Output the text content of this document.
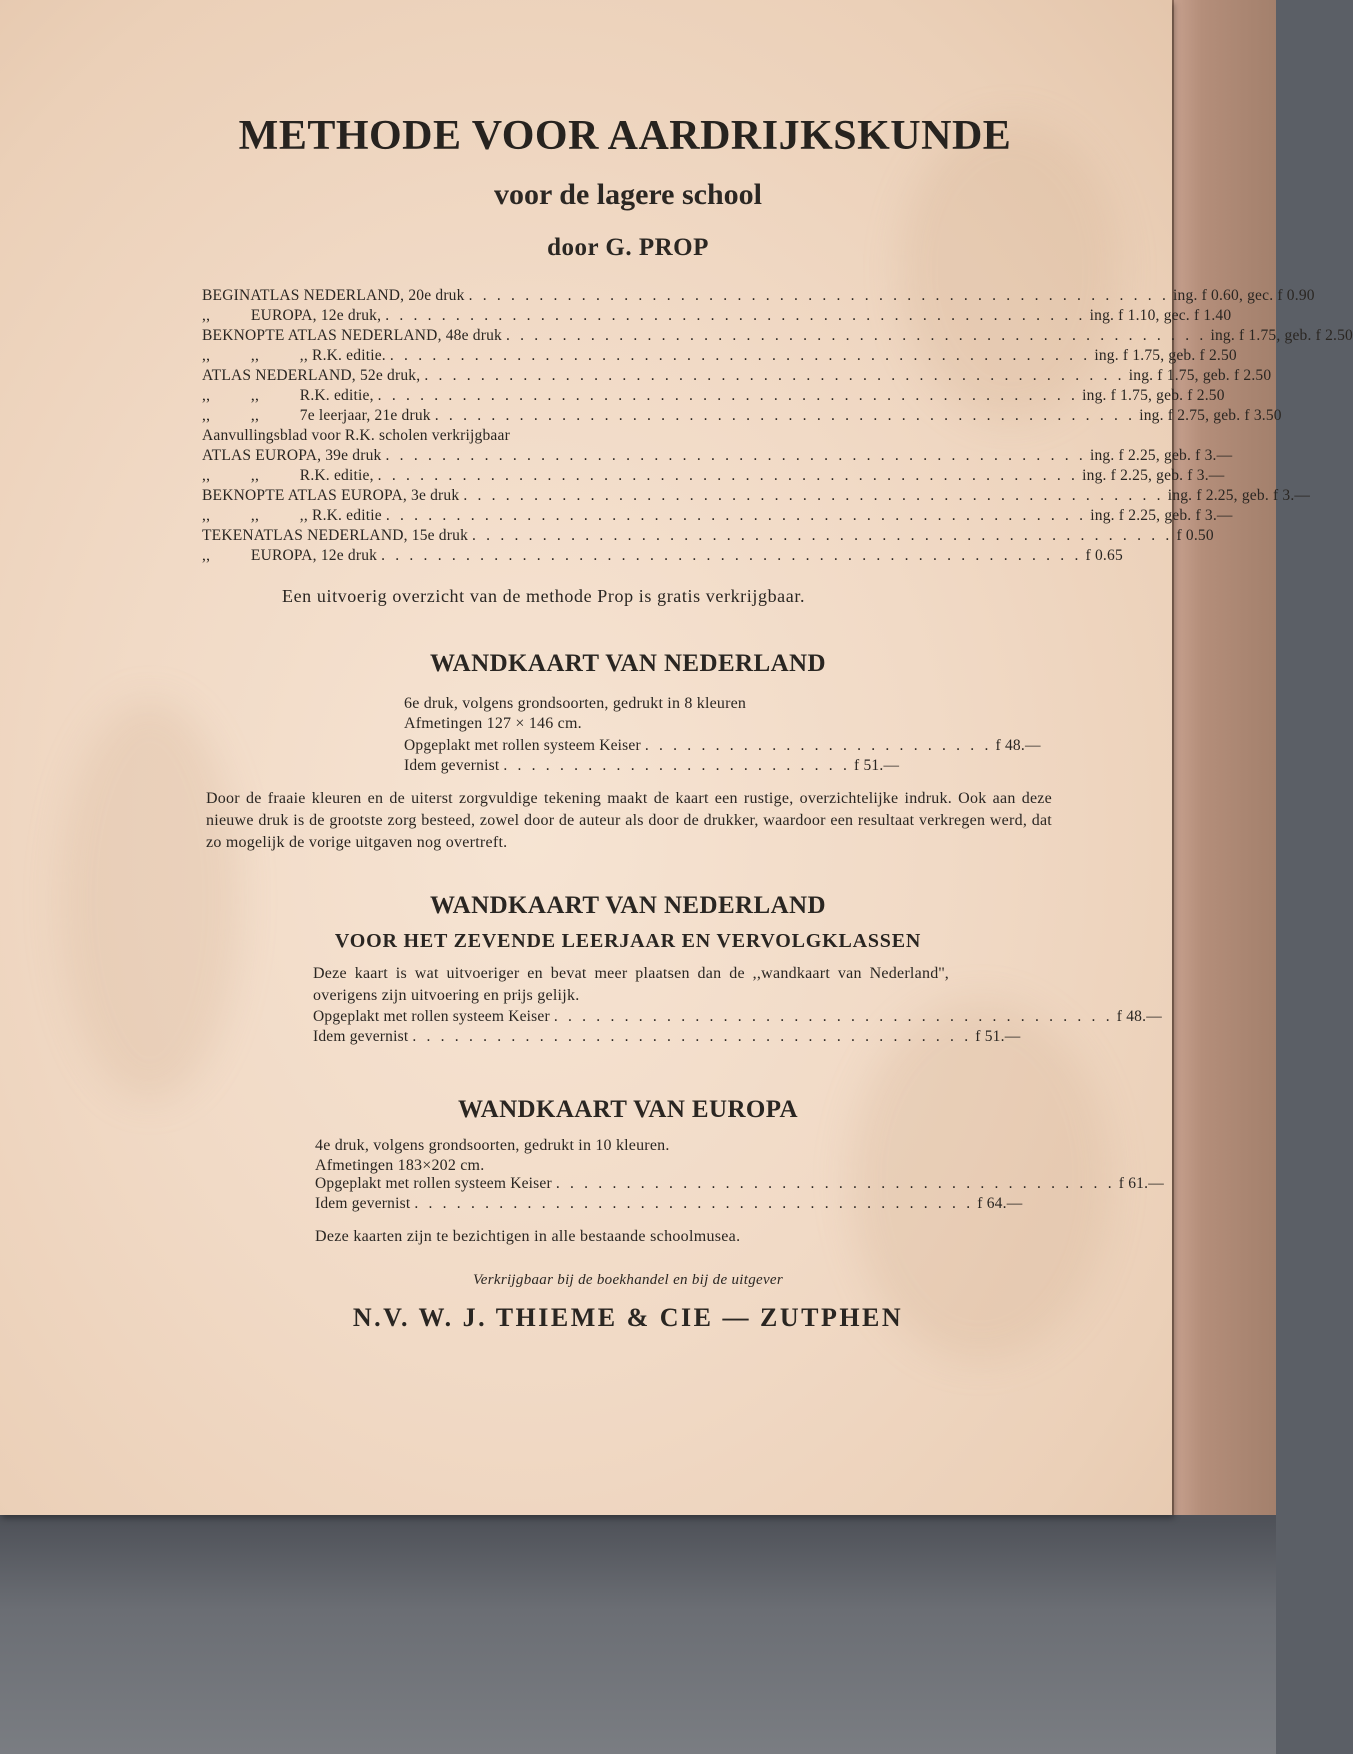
METHODE VOOR AARDRIJKSKUNDE
voor de lagere school
door G. PROP
BEGINATLAS NEDERLAND, 20e druk . . . . . . . . . . . . . . . . . . . . . . . . . . . . . . . . . . . . . . . . . . . . . . . . . . ing. f 0.60, gec. f 0.90
,,          EUROPA, 12e druk, . . . . . . . . . . . . . . . . . . . . . . . . . . . . . . . . . . . . . . . . . . . . . . . . . . ing. f 1.10, gec. f 1.40
BEKNOPTE ATLAS NEDERLAND, 48e druk . . . . . . . . . . . . . . . . . . . . . . . . . . . . . . . . . . . . . . . . . . . . . . . . . . ing. f 1.75, geb. f 2.50
,,          ,,          ,, R.K. editie. . . . . . . . . . . . . . . . . . . . . . . . . . . . . . . . . . . . . . . . . . . . . . . . . . . ing. f 1.75, geb. f 2.50
ATLAS NEDERLAND, 52e druk, . . . . . . . . . . . . . . . . . . . . . . . . . . . . . . . . . . . . . . . . . . . . . . . . . . ing. f 1.75, geb. f 2.50
,,          ,,          R.K. editie, . . . . . . . . . . . . . . . . . . . . . . . . . . . . . . . . . . . . . . . . . . . . . . . . . . ing. f 1.75, geb. f 2.50
,,          ,,          7e leerjaar, 21e druk . . . . . . . . . . . . . . . . . . . . . . . . . . . . . . . . . . . . . . . . . . . . . . . . . . ing. f 2.75, geb. f 3.50
Aanvullingsblad voor R.K. scholen verkrijgbaar
ATLAS EUROPA, 39e druk . . . . . . . . . . . . . . . . . . . . . . . . . . . . . . . . . . . . . . . . . . . . . . . . . . ing. f 2.25, geb. f 3.—
,,          ,,          R.K. editie, . . . . . . . . . . . . . . . . . . . . . . . . . . . . . . . . . . . . . . . . . . . . . . . . . . ing. f 2.25, geb. f 3.—
BEKNOPTE ATLAS EUROPA, 3e druk . . . . . . . . . . . . . . . . . . . . . . . . . . . . . . . . . . . . . . . . . . . . . . . . . . ing. f 2.25, geb. f 3.—
,,          ,,          ,, R.K. editie . . . . . . . . . . . . . . . . . . . . . . . . . . . . . . . . . . . . . . . . . . . . . . . . . . ing. f 2.25, geb. f 3.—
TEKENATLAS NEDERLAND, 15e druk . . . . . . . . . . . . . . . . . . . . . . . . . . . . . . . . . . . . . . . . . . . . . . . . . . f 0.50
,,          EUROPA, 12e druk . . . . . . . . . . . . . . . . . . . . . . . . . . . . . . . . . . . . . . . . . . . . . . . . . . f 0.65
Een uitvoerig overzicht van de methode Prop is gratis verkrijgbaar.
WANDKAART VAN NEDERLAND
6e druk, volgens grondsoorten, gedrukt in 8 kleuren
Afmetingen 127 × 146 cm.
Opgeplakt met rollen systeem Keiser . . . . . . . . . . . . . . . . . . . . . . . . . f 48.—
Idem gevernist . . . . . . . . . . . . . . . . . . . . . . . . . f 51.—
Door de fraaie kleuren en de uiterst zorgvuldige tekening maakt de kaart een rustige, overzichtelijke indruk. Ook aan deze nieuwe druk is de grootste zorg besteed, zowel door de auteur als door de drukker, waardoor een resultaat verkregen werd, dat zo mogelijk de vorige uitgaven nog overtreft.
WANDKAART VAN NEDERLAND
VOOR HET ZEVENDE LEERJAAR EN VERVOLGKLASSEN
Deze kaart is wat uitvoeriger en bevat meer plaatsen dan de ,,wandkaart van Nederland'', overigens zijn uitvoering en prijs gelijk.
Opgeplakt met rollen systeem Keiser . . . . . . . . . . . . . . . . . . . . . . . . . . . . . . . . . . . . . . . . f 48.—
Idem gevernist . . . . . . . . . . . . . . . . . . . . . . . . . . . . . . . . . . . . . . . . f 51.—
WANDKAART VAN EUROPA
4e druk, volgens grondsoorten, gedrukt in 10 kleuren.
Afmetingen 183×202 cm.
Opgeplakt met rollen systeem Keiser . . . . . . . . . . . . . . . . . . . . . . . . . . . . . . . . . . . . . . . . f 61.—
Idem gevernist . . . . . . . . . . . . . . . . . . . . . . . . . . . . . . . . . . . . . . . . f 64.—
Deze kaarten zijn te bezichtigen in alle bestaande schoolmusea.
Verkrijgbaar bij de boekhandel en bij de uitgever
N.V. W. J. THIEME & CIE — ZUTPHEN
